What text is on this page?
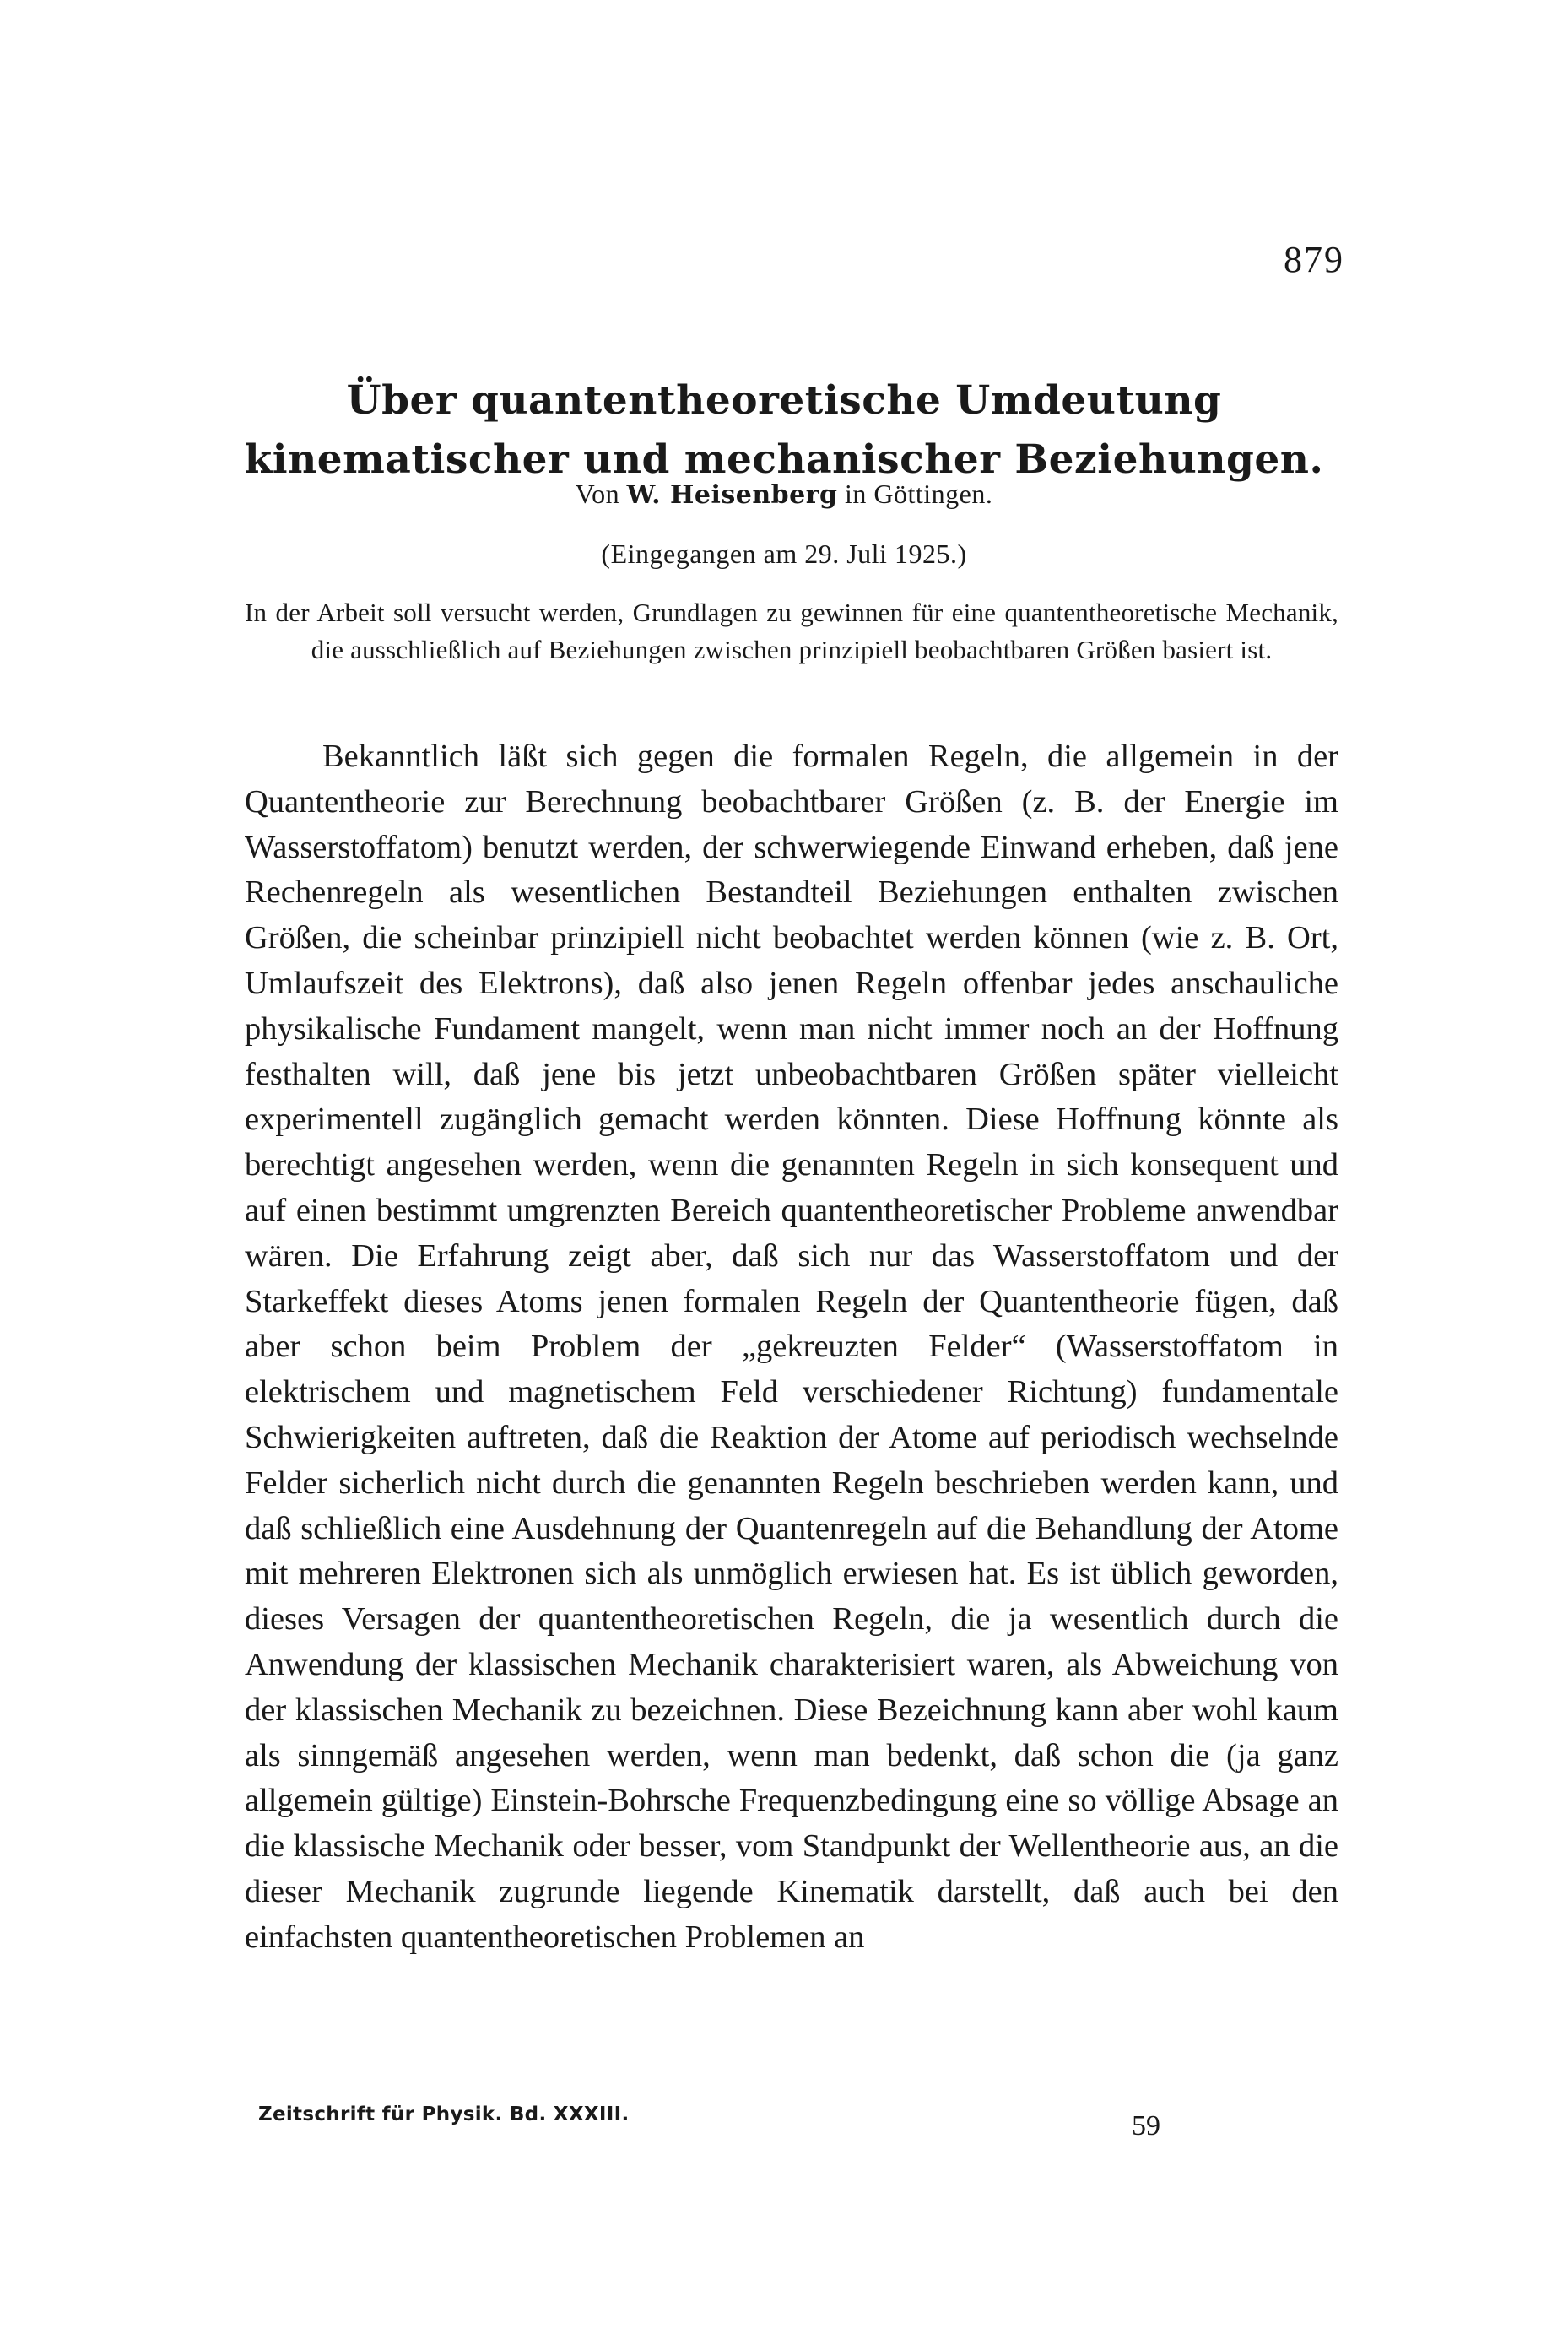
879
Über quantentheoretische Umdeutung
kinematischer und mechanischer Beziehungen.
Von W. Heisenberg in Göttingen.
(Eingegangen am 29. Juli 1925.)
In der Arbeit soll versucht werden, Grundlagen zu gewinnen für eine quantentheoretische Mechanik, die ausschließlich auf Beziehungen zwischen prinzipiell beobachtbaren Größen basiert ist.

Bekanntlich läßt sich gegen die formalen Regeln, die allgemein in der Quantentheorie zur Berechnung beobachtbarer Größen (z. B. der Energie im Wasserstoffatom) benutzt werden, der schwerwiegende Einwand erheben, daß jene Rechenregeln als wesentlichen Bestandteil Beziehungen enthalten zwischen Größen, die scheinbar prinzipiell nicht beobachtet werden können (wie z. B. Ort, Umlaufszeit des Elektrons), daß also jenen Regeln offenbar jedes anschauliche physikalische Fundament mangelt, wenn man nicht immer noch an der Hoffnung festhalten will, daß jene bis jetzt unbeobachtbaren Größen später vielleicht experimentell zugänglich gemacht werden könnten. Diese Hoffnung könnte als berechtigt angesehen werden, wenn die genannten Regeln in sich konsequent und auf einen bestimmt umgrenzten Bereich quantentheoretischer Probleme anwendbar wären. Die Erfahrung zeigt aber, daß sich nur das Wasserstoffatom und der Starkeffekt dieses Atoms jenen formalen Regeln der Quantentheorie fügen, daß aber schon beim Problem der „gekreuzten Felder“ (Wasserstoffatom in elektrischem und magnetischem Feld verschiedener Richtung) fundamentale Schwierigkeiten auftreten, daß die Reaktion der Atome auf periodisch wechselnde Felder sicherlich nicht durch die genannten Regeln beschrieben werden kann, und daß schließlich eine Ausdehnung der Quantenregeln auf die Behandlung der Atome mit mehreren Elektronen sich als unmöglich erwiesen hat. Es ist üblich geworden, dieses Versagen der quantentheoretischen Regeln, die ja wesentlich durch die Anwendung der klassischen Mechanik charakterisiert waren, als Abweichung von der klassischen Mechanik zu bezeichnen. Diese Bezeichnung kann aber wohl kaum als sinngemäß angesehen werden, wenn man bedenkt, daß schon die (ja ganz allgemein gültige) Einstein-Bohrsche Frequenzbedingung eine so völlige Absage an die klassische Mechanik oder besser, vom Standpunkt der Wellentheorie aus, an die dieser Mechanik zugrunde liegende Kinematik darstellt, daß auch bei den einfachsten quantentheoretischen Problemen an

Zeitschrift für Physik. Bd. XXXIII.	59
